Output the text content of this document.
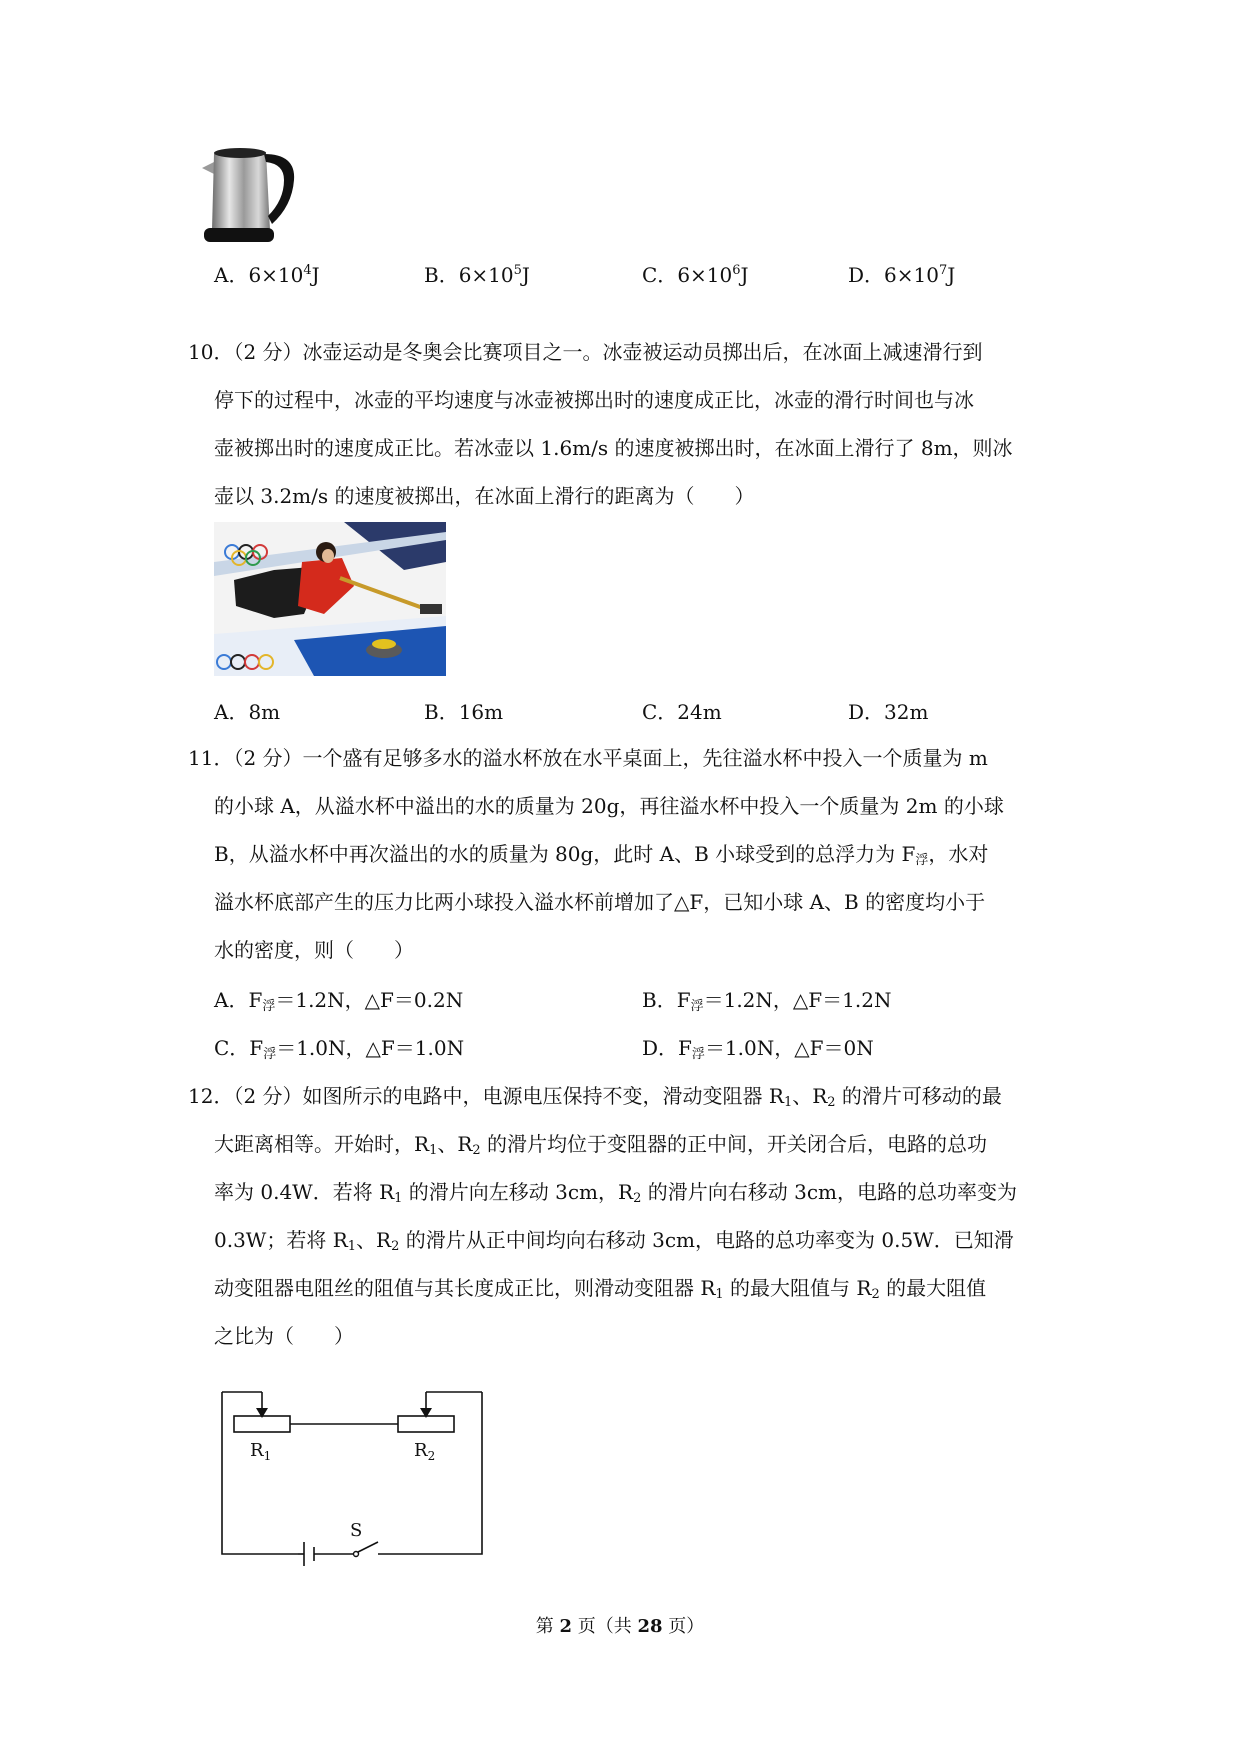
A．$6\times 10^4J$	B．$6\times 10^5J$	C．$6\times 10^6J$	D．$6\times 10^7J$
10．（2 分）冰壶运动是冬奥会比赛项目之一。冰壶被运动员掷出后，在冰面上减速滑行到
停下的过程中，冰壶的平均速度与冰壶被掷出时的速度成正比，冰壶的滑行时间也与冰
壶被掷出时的速度成正比。若冰壶以 1.6m/s 的速度被掷出时，在冰面上滑行了 8m，则冰
壶以 3.2m/s 的速度被掷出，在冰面上滑行的距离为（　　）
A．8m	B．16m	C．24m	D．32m
11．（2 分）一个盛有足够多水的溢水杯放在水平桌面上，先往溢水杯中投入一个质量为 m
的小球 A，从溢水杯中溢出的水的质量为 20g，再往溢水杯中投入一个质量为 2m 的小球
B，从溢水杯中再次溢出的水的质量为 80g，此时 A、B 小球受到的总浮力为 $F_浮$，水对
溢水杯底部产生的压力比两小球投入溢水杯前增加了△F，已知小球 A、B 的密度均小于
水的密度，则（　　）
A．$F_浮=1.2N$，△F＝0.2N	B．$F_浮=1.2N$，△F＝1.2N
C．$F_浮=1.0N$，△F＝1.0N	D．$F_浮=1.0N$，△F＝0N
12．（2 分）如图所示的电路中，电源电压保持不变，滑动变阻器 $R_1$、$R_2$ 的滑片可移动的最
大距离相等。开始时，$R_1$、$R_2$ 的滑片均位于变阻器的正中间，开关闭合后，电路的总功
率为 0.4W．若将 $R_1$ 的滑片向左移动 3cm，$R_2$ 的滑片向右移动 3cm，电路的总功率变为
0.3W；若将 $R_1$、$R_2$ 的滑片从正中间均向右移动 3cm，电路的总功率变为 0.5W．已知滑
动变阻器电阻丝的阻值与其长度成正比，则滑动变阻器 $R_1$ 的最大阻值与 $R_2$ 的最大阻值
之比为（　　）
$R_1$	$R_2$
S
第 2 页（共 28 页）
